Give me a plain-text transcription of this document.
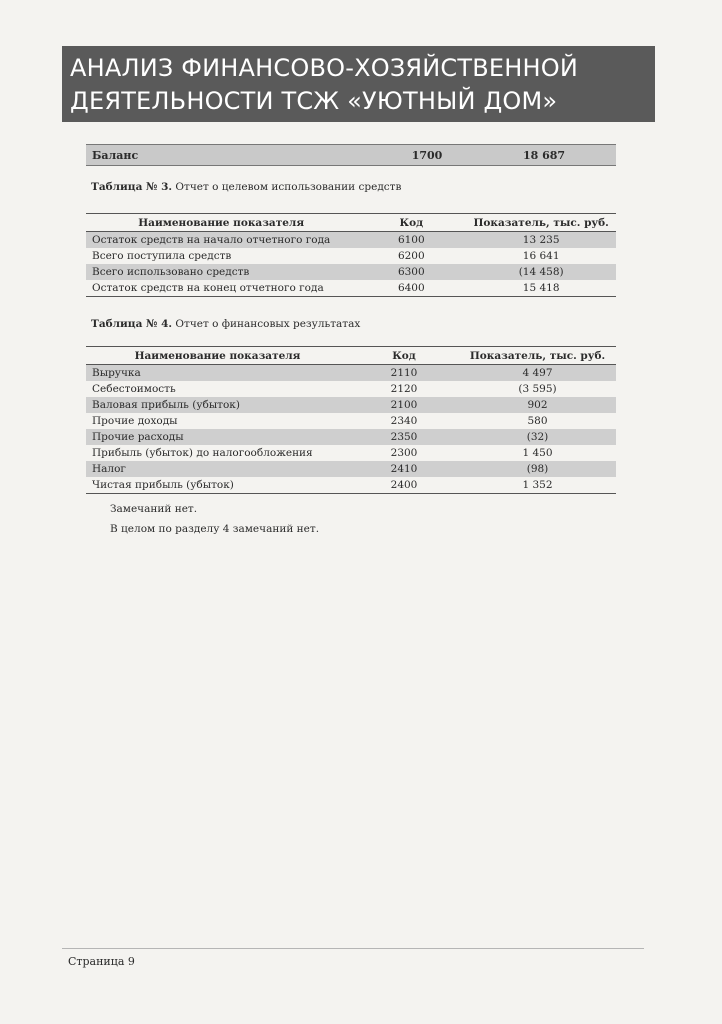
АНАЛИЗ ФИНАНСОВО-ХОЗЯЙСТВЕННОЙ
ДЕЯТЕЛЬНОСТИ ТСЖ «УЮТНЫЙ ДОМ»
Баланс	1700	18 687
Таблица № 3. Отчет о целевом использовании средств
Наименование показателя	Код	Показатель, тыс. руб.
Остаток средств на начало отчетного года	6100	13 235
Всего поступила средств	6200	16 641
Всего использовано средств	6300	(14 458)
Остаток средств на конец отчетного года	6400	15 418
Таблица № 4. Отчет о финансовых результатах
Наименование показателя	Код	Показатель, тыс. руб.
Выручка	2110	4 497
Себестоимость	2120	(3 595)
Валовая прибыль (убыток)	2100	902
Прочие доходы	2340	580
Прочие расходы	2350	(32)
Прибыль (убыток) до налогообложения	2300	1 450
Налог	2410	(98)
Чистая прибыль (убыток)	2400	1 352
Замечаний нет.
В целом по разделу 4 замечаний нет.
Страница 9
